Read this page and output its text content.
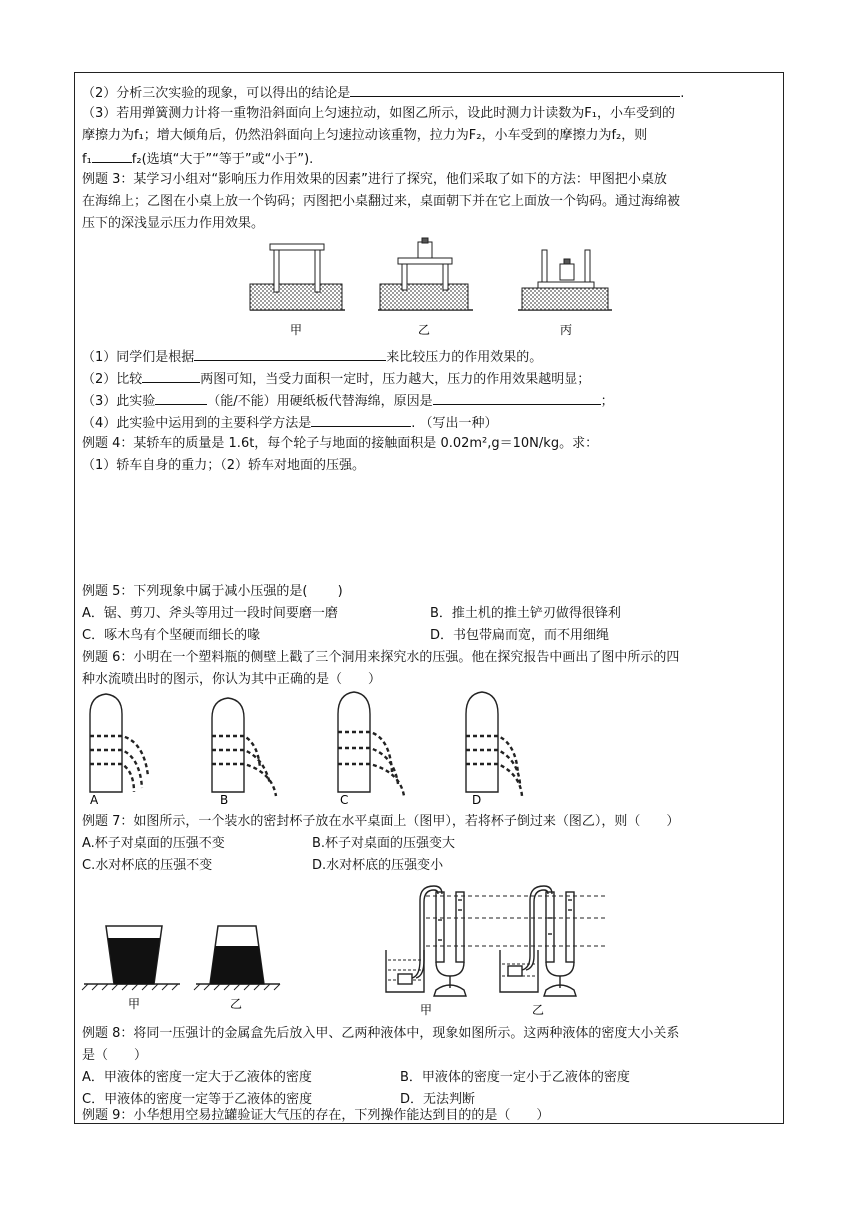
（2）分析三次实验的现象，可以得出的结论是	.
（3）若用弹簧测力计将一重物沿斜面向上匀速拉动，如图乙所示，设此时测力计读数为F₁，小车受到的
摩擦力为f₁；增大倾角后，仍然沿斜面向上匀速拉动该重物，拉力为F₂，小车受到的摩擦力为f₂，则
f₁	f₂(选填“大于”“等于”或“小于”).
例题 3：某学习小组对“影响压力作用效果的因素”进行了探究，他们采取了如下的方法：甲图把小桌放
在海绵上；乙图在小桌上放一个钩码；丙图把小桌翻过来，桌面朝下并在它上面放一个钩码。通过海绵被
压下的深浅显示压力作用效果。
甲	乙	丙
（1）同学们是根据	来比较压力的作用效果的。
（2）比较	两图可知，当受力面积一定时，压力越大，压力的作用效果越明显；
（3）此实验	（能/不能）用硬纸板代替海绵，原因是	；
（4）此实验中运用到的主要科学方法是	. （写出一种）
例题 4：某轿车的质量是 1.6t，每个轮子与地面的接触面积是 0.02m²,g＝10N/kg。求：
（1）轿车自身的重力；（2）轿车对地面的压强。
例题 5：下列现象中属于减小压强的是(　　 )
A．锯、剪刀、斧头等用过一段时间要磨一磨	B．推土机的推土铲刃做得很锋利
C．啄木鸟有个坚硬而细长的喙	D．书包带扁而宽，而不用细绳
例题 6：小明在一个塑料瓶的侧壁上戳了三个洞用来探究水的压强。他在探究报告中画出了图中所示的四
种水流喷出时的图示，你认为其中正确的是（　　）
A	B	C	D
例题 7：如图所示，一个装水的密封杯子放在水平桌面上（图甲），若将杯子倒过来（图乙），则（　　）
A.杯子对桌面的压强不变	B.杯子对桌面的压强变大
C.水对杯底的压强不变	D.水对杯底的压强变小
甲	乙	甲	乙
例题 8：将同一压强计的金属盒先后放入甲、乙两种液体中，现象如图所示。这两种液体的密度大小关系
是（　　）
A．甲液体的密度一定大于乙液体的密度	B．甲液体的密度一定小于乙液体的密度
C．甲液体的密度一定等于乙液体的密度	D．无法判断
例题 9：小华想用空易拉罐验证大气压的存在，下列操作能达到目的的是（　　）
